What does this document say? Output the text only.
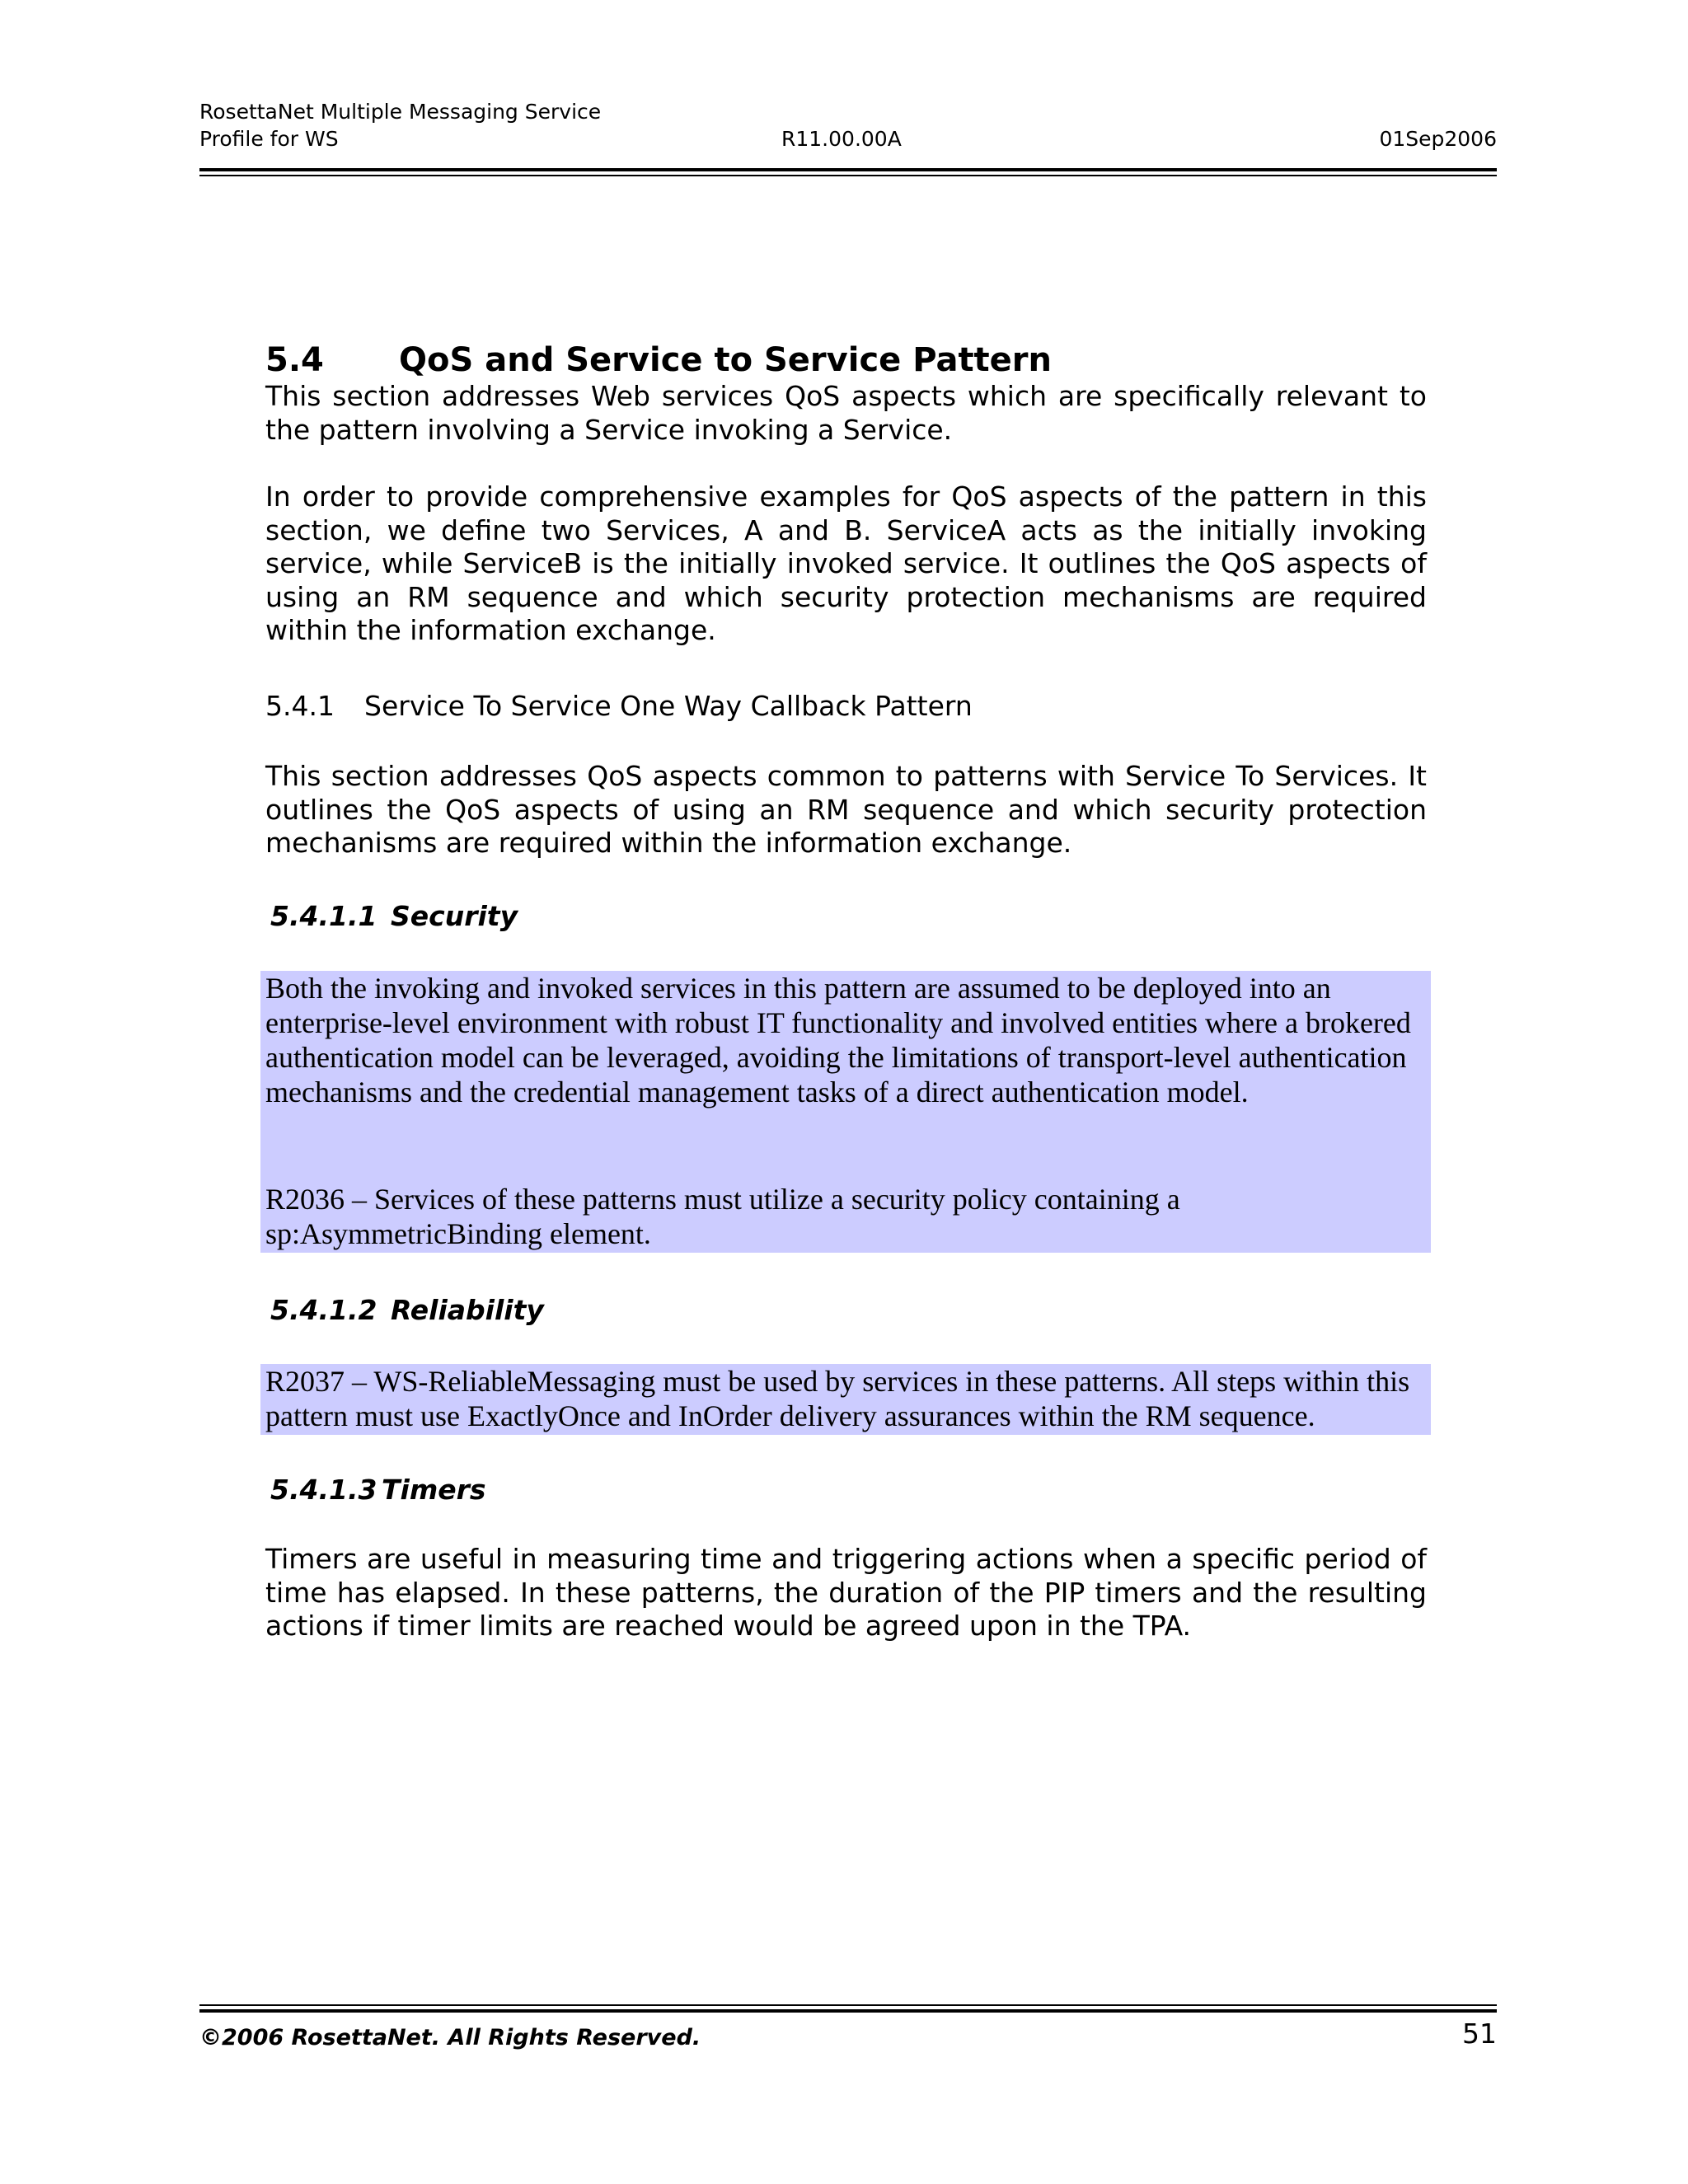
RosettaNet Multiple Messaging Service
Profile for WS	R11.00.00A	01Sep2006
5.4 QoS and Service to Service Pattern
This section addresses Web services QoS aspects which are specifically relevant to the pattern involving a Service invoking a Service.
In order to provide comprehensive examples for QoS aspects of the pattern in this section, we define two Services, A and B. ServiceA acts as the initially invoking service, while ServiceB is the initially invoked service. It outlines the QoS aspects of using an RM sequence and which security protection mechanisms are required within the information exchange.
5.4.1 Service To Service One Way Callback Pattern
This section addresses QoS aspects common to patterns with Service To Services. It outlines the QoS aspects of using an RM sequence and which security protection mechanisms are required within the information exchange.
5.4.1.1 Security
Both the invoking and invoked services in this pattern are assumed to be deployed into an enterprise-level environment with robust IT functionality and involved entities where a brokered authentication model can be leveraged, avoiding the limitations of transport-level authentication mechanisms and the credential management tasks of a direct authentication model.
R2036 – Services of these patterns must utilize a security policy containing a sp:AsymmetricBinding element.
5.4.1.2 Reliability
R2037 – WS-ReliableMessaging must be used by services in these patterns. All steps within this pattern must use ExactlyOnce and InOrder delivery assurances within the RM sequence.
5.4.1.3 Timers
Timers are useful in measuring time and triggering actions when a specific period of time has elapsed. In these patterns, the duration of the PIP timers and the resulting actions if timer limits are reached would be agreed upon in the TPA.
©2006 RosettaNet. All Rights Reserved.	51
